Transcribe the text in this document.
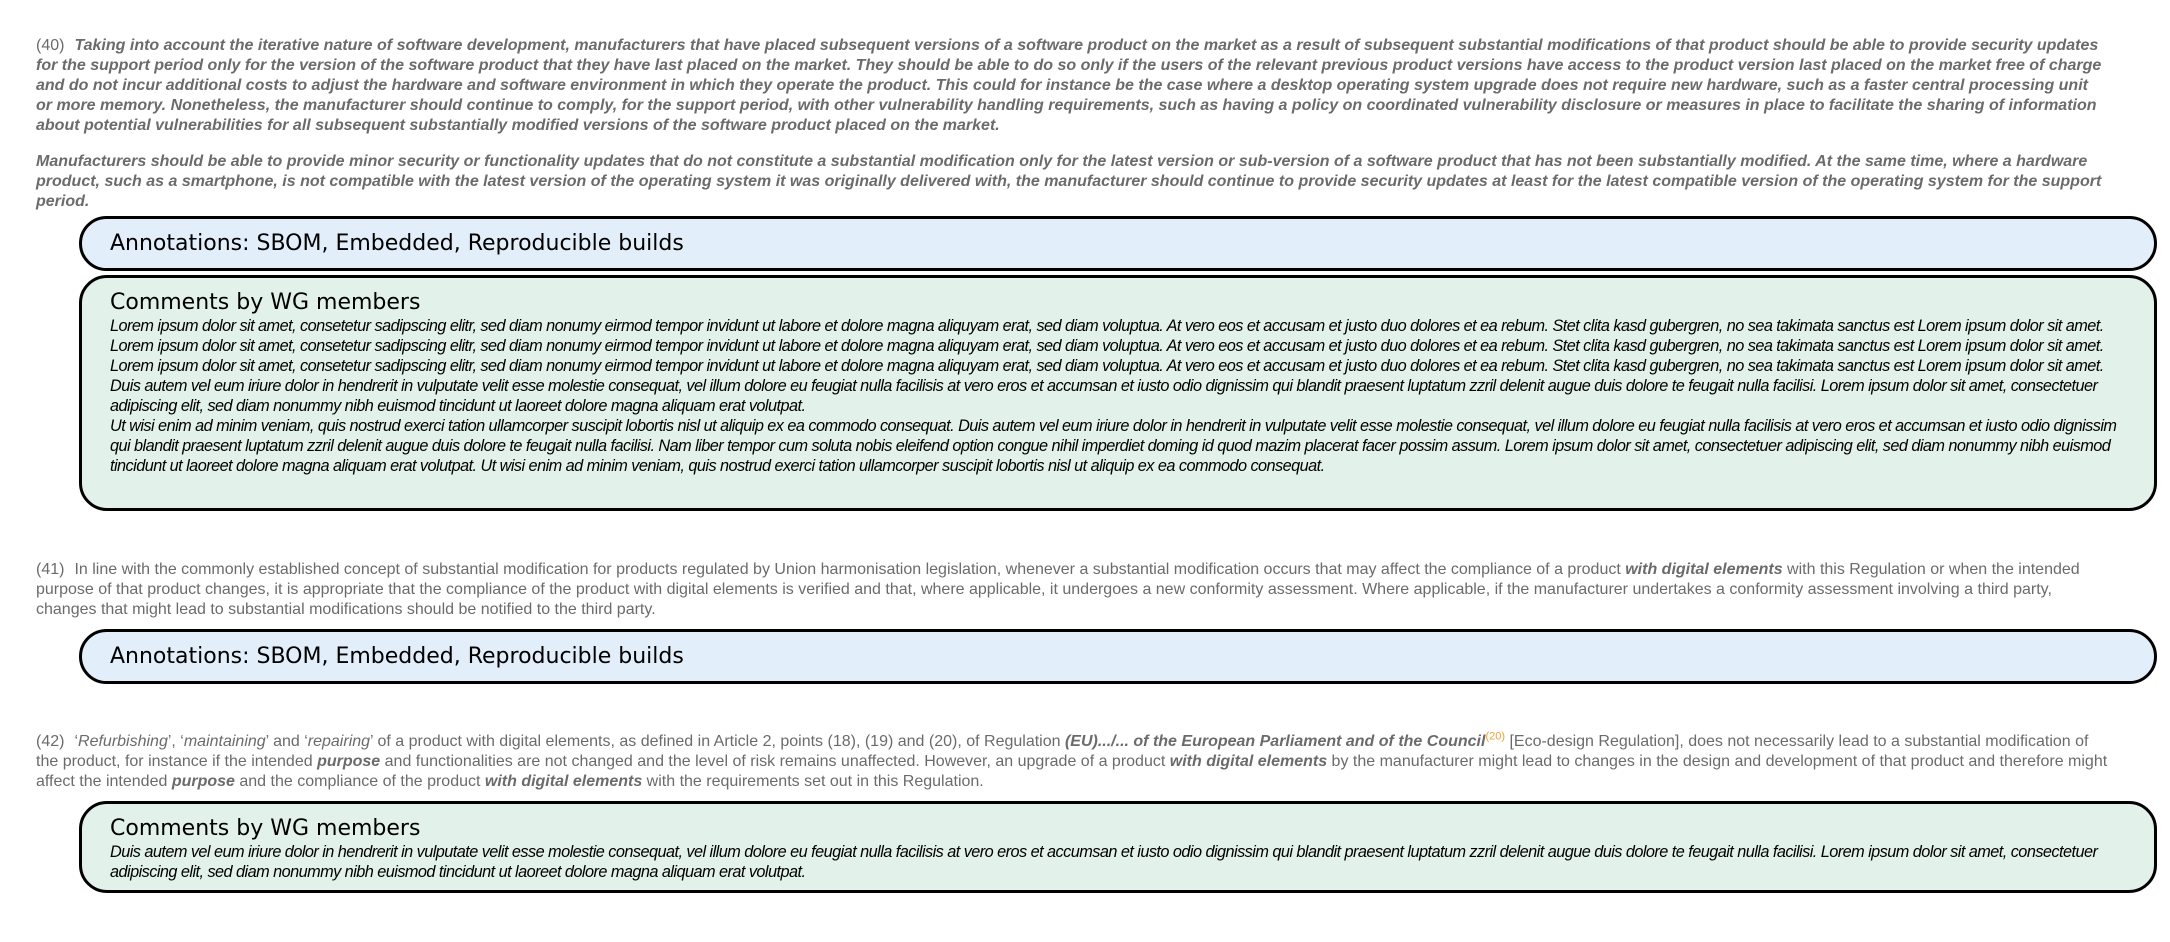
(40) Taking into account the iterative nature of software development, manufacturers that have placed subsequent versions of a software product on the market as a result of subsequent substantial modifications of that product should be able to provide security updates for the support period only for the version of the software product that they have last placed on the market. They should be able to do so only if the users of the relevant previous product versions have access to the product version last placed on the market free of charge and do not incur additional costs to adjust the hardware and software environment in which they operate the product. This could for instance be the case where a desktop operating system upgrade does not require new hardware, such as a faster central processing unit or more memory. Nonetheless, the manufacturer should continue to comply, for the support period, with other vulnerability handling requirements, such as having a policy on coordinated vulnerability disclosure or measures in place to facilitate the sharing of information about potential vulnerabilities for all subsequent substantially modified versions of the software product placed on the market.
Manufacturers should be able to provide minor security or functionality updates that do not constitute a substantial modification only for the latest version or sub-version of a software product that has not been substantially modified. At the same time, where a hardware product, such as a smartphone, is not compatible with the latest version of the operating system it was originally delivered with, the manufacturer should continue to provide security updates at least for the latest compatible version of the operating system for the support period.
Annotations: SBOM, Embedded, Reproducible builds
Comments by WG members

Lorem ipsum dolor sit amet, consetetur sadipscing elitr, sed diam nonumy eirmod tempor invidunt ut labore et dolore magna aliquyam erat, sed diam voluptua. At vero eos et accusam et justo duo dolores et ea rebum. Stet clita kasd gubergren, no sea takimata sanctus est Lorem ipsum dolor sit amet. Lorem ipsum dolor sit amet, consetetur sadipscing elitr, sed diam nonumy eirmod tempor invidunt ut labore et dolore magna aliquyam erat, sed diam voluptua. At vero eos et accusam et justo duo dolores et ea rebum. Stet clita kasd gubergren, no sea takimata sanctus est Lorem ipsum dolor sit amet. Lorem ipsum dolor sit amet, consetetur sadipscing elitr, sed diam nonumy eirmod tempor invidunt ut labore et dolore magna aliquyam erat, sed diam voluptua. At vero eos et accusam et justo duo dolores et ea rebum. Stet clita kasd gubergren, no sea takimata sanctus est Lorem ipsum dolor sit amet.

Duis autem vel eum iriure dolor in hendrerit in vulputate velit esse molestie consequat, vel illum dolore eu feugiat nulla facilisis at vero eros et accumsan et iusto odio dignissim qui blandit praesent luptatum zzril delenit augue duis dolore te feugait nulla facilisi. Lorem ipsum dolor sit amet, consectetuer adipiscing elit, sed diam nonummy nibh euismod tincidunt ut laoreet dolore magna aliquam erat volutpat.

Ut wisi enim ad minim veniam, quis nostrud exerci tation ullamcorper suscipit lobortis nisl ut aliquip ex ea commodo consequat. Duis autem vel eum iriure dolor in hendrerit in vulputate velit esse molestie consequat, vel illum dolore eu feugiat nulla facilisis at vero eros et accumsan et iusto odio dignissim qui blandit praesent luptatum zzril delenit augue duis dolore te feugait nulla facilisi. Nam liber tempor cum soluta nobis eleifend option congue nihil imperdiet doming id quod mazim placerat facer possim assum. Lorem ipsum dolor sit amet, consectetuer adipiscing elit, sed diam nonummy nibh euismod tincidunt ut laoreet dolore magna aliquam erat volutpat. Ut wisi enim ad minim veniam, quis nostrud exerci tation ullamcorper suscipit lobortis nisl ut aliquip ex ea commodo consequat.

(41) In line with the commonly established concept of substantial modification for products regulated by Union harmonisation legislation, whenever a substantial modification occurs that may affect the compliance of a product with digital elements with this Regulation or when the intended purpose of that product changes, it is appropriate that the compliance of the product with digital elements is verified and that, where applicable, it undergoes a new conformity assessment. Where applicable, if the manufacturer undertakes a conformity assessment involving a third party, changes that might lead to substantial modifications should be notified to the third party.
Annotations: SBOM, Embedded, Reproducible builds
(42) ‘Refurbishing’, ‘maintaining’ and ‘repairing’ of a product with digital elements, as defined in Article 2, points (18), (19) and (20), of Regulation (EU).../... of the European Parliament and of the Council$^{(20)}$ [Eco-design Regulation], does not necessarily lead to a substantial modification of the product, for instance if the intended purpose and functionalities are not changed and the level of risk remains unaffected. However, an upgrade of a product with digital elements by the manufacturer might lead to changes in the design and development of that product and therefore might affect the intended purpose and the compliance of the product with digital elements with the requirements set out in this Regulation.
Comments by WG members

Duis autem vel eum iriure dolor in hendrerit in vulputate velit esse molestie consequat, vel illum dolore eu feugiat nulla facilisis at vero eros et accumsan et iusto odio dignissim qui blandit praesent luptatum zzril delenit augue duis dolore te feugait nulla facilisi. Lorem ipsum dolor sit amet, consectetuer adipiscing elit, sed diam nonummy nibh euismod tincidunt ut laoreet dolore magna aliquam erat volutpat.
